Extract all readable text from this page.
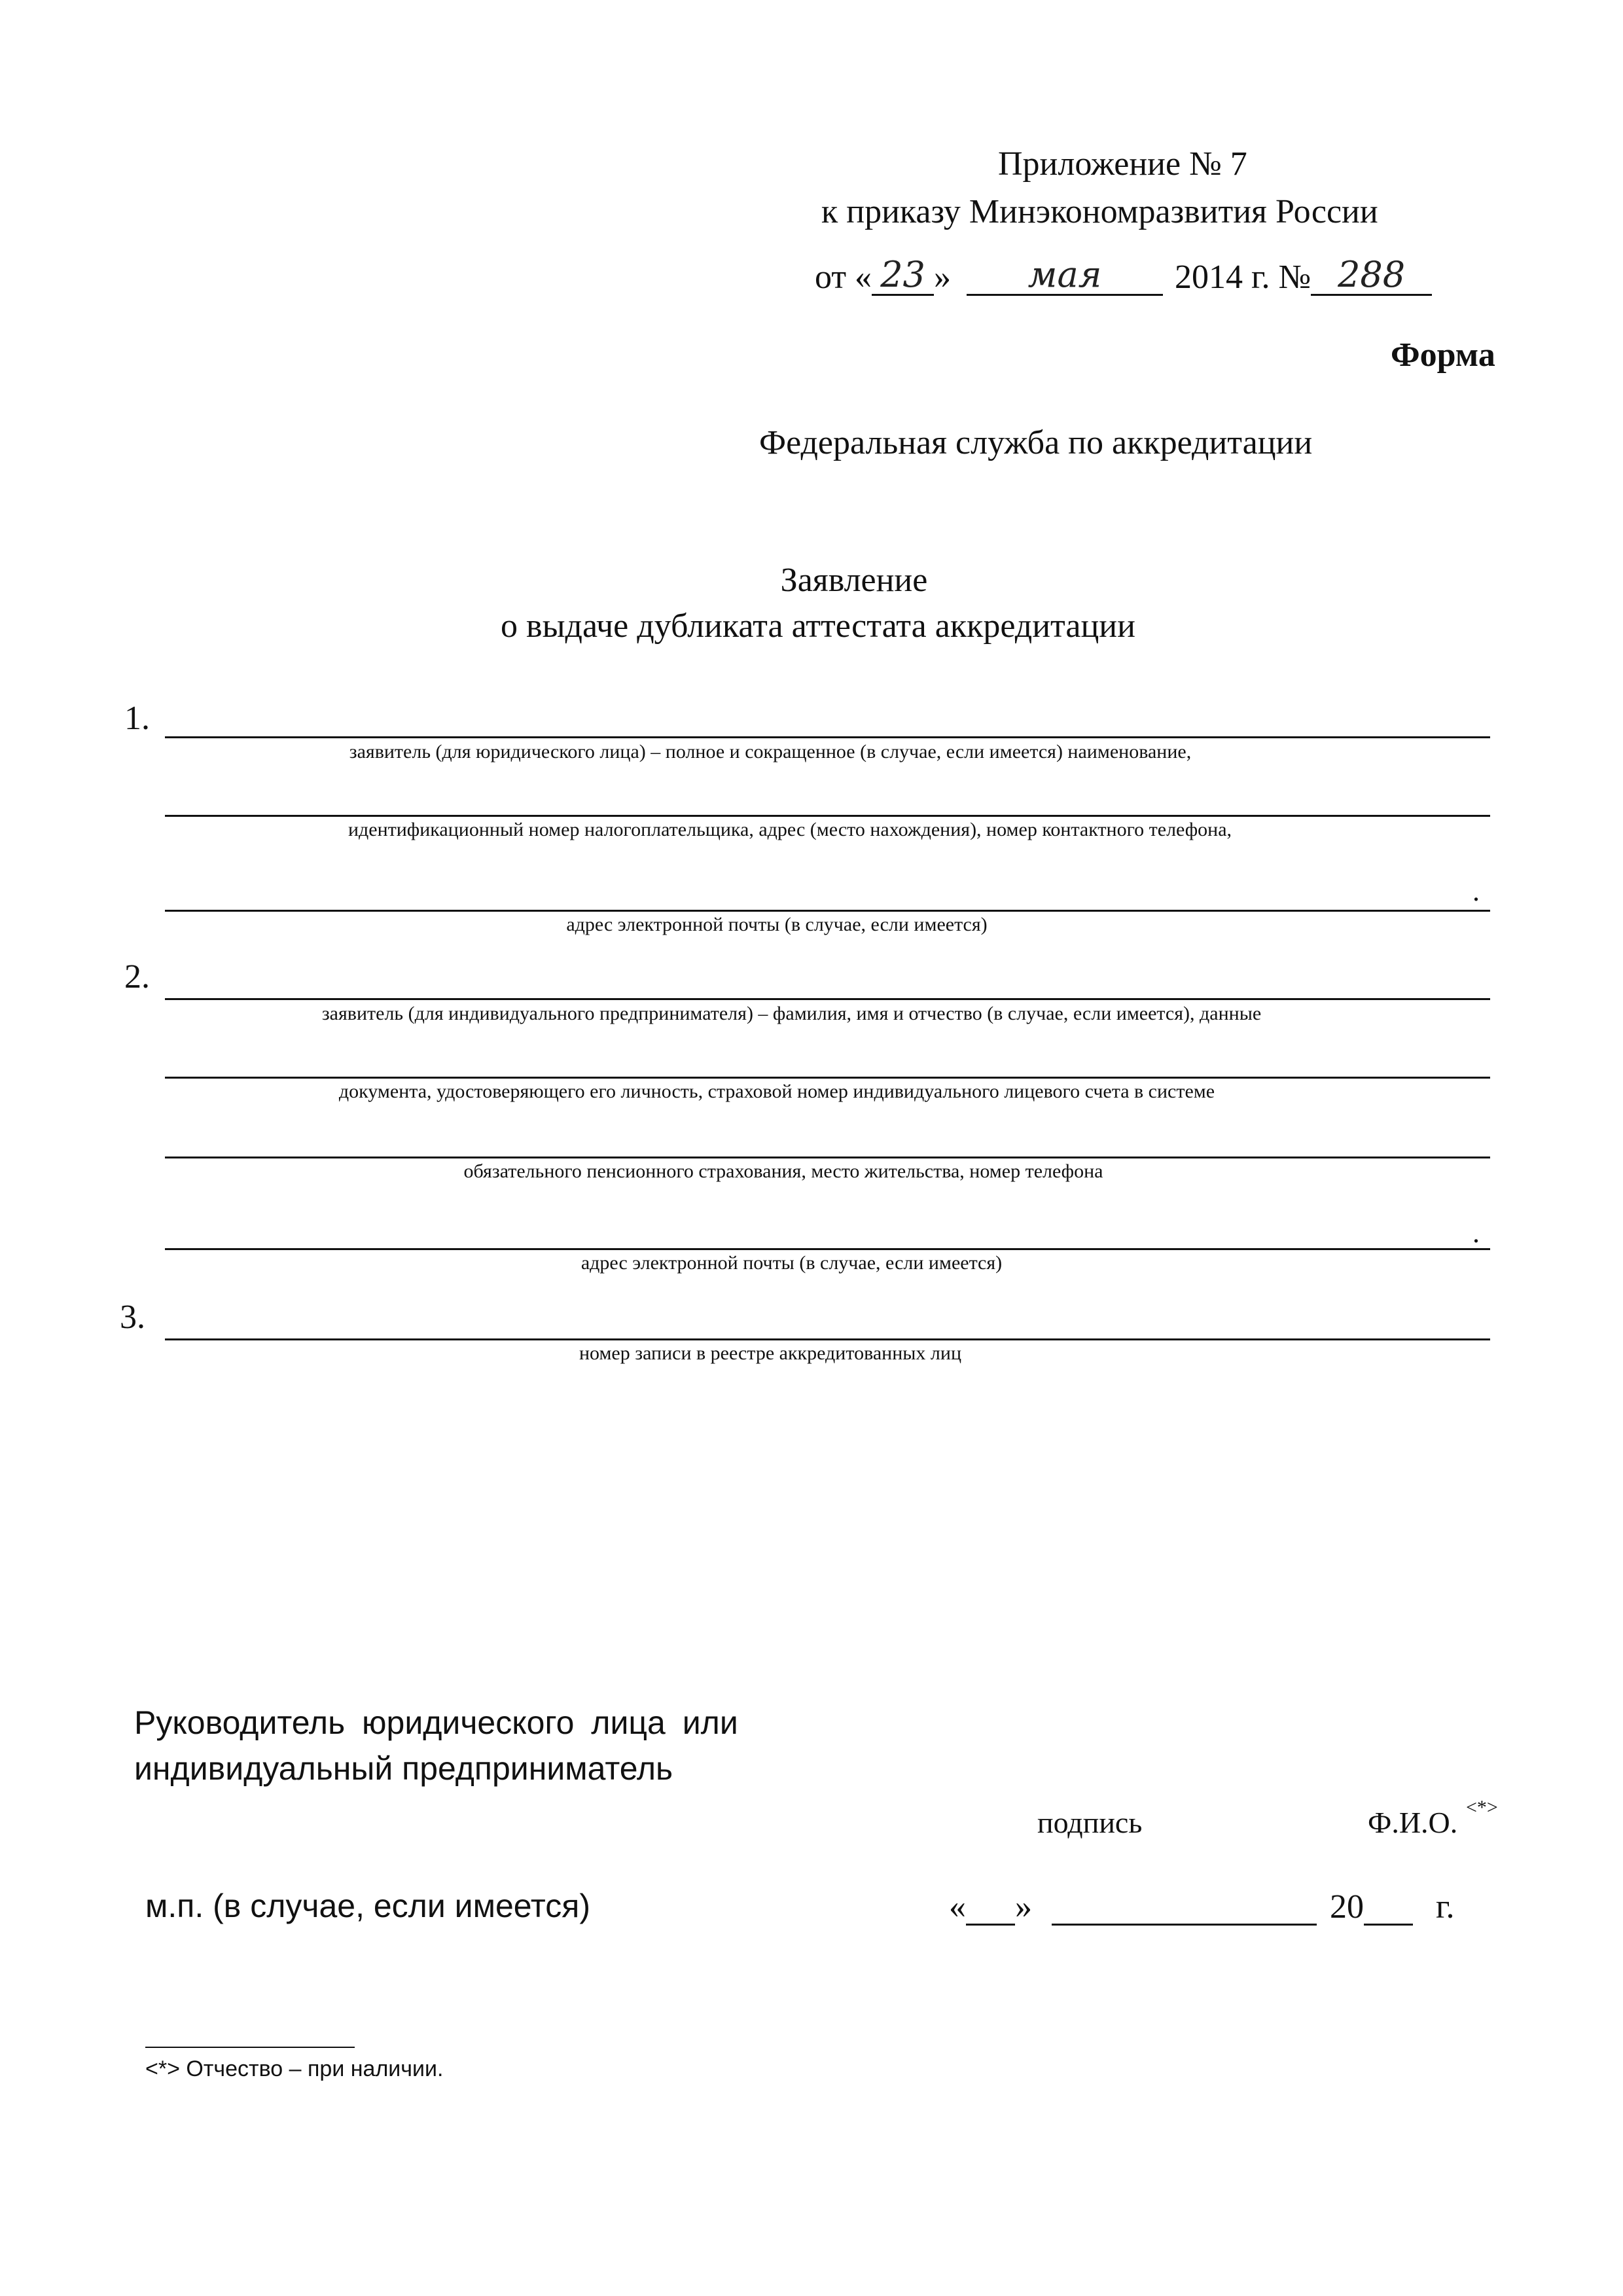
Приложение № 7
к приказу Минэкономразвития России
от « 23 »	мая	2014 г. № 288
Форма
Федеральная служба по аккредитации
Заявление
о выдаче дубликата аттестата аккредитации
1.
заявитель (для юридического лица) – полное и сокращенное (в случае, если имеется) наименование,
идентификационный номер налогоплательщика, адрес (место нахождения), номер контактного телефона,
.
адрес электронной почты (в случае, если имеется)
2.
заявитель (для индивидуального предпринимателя) – фамилия, имя и отчество (в случае, если имеется), данные
документа, удостоверяющего его личность, страховой номер индивидуального лицевого счета в системе
обязательного пенсионного страхования, место жительства, номер телефона
.
адрес электронной почты (в случае, если имеется)
3.
номер записи в реестре аккредитованных лиц
Руководитель юридического лица или
индивидуальный предприниматель
подпись	Ф.И.О. <*>
м.п. (в случае, если имеется)	« »	20 г.
<*> Отчество – при наличии.
